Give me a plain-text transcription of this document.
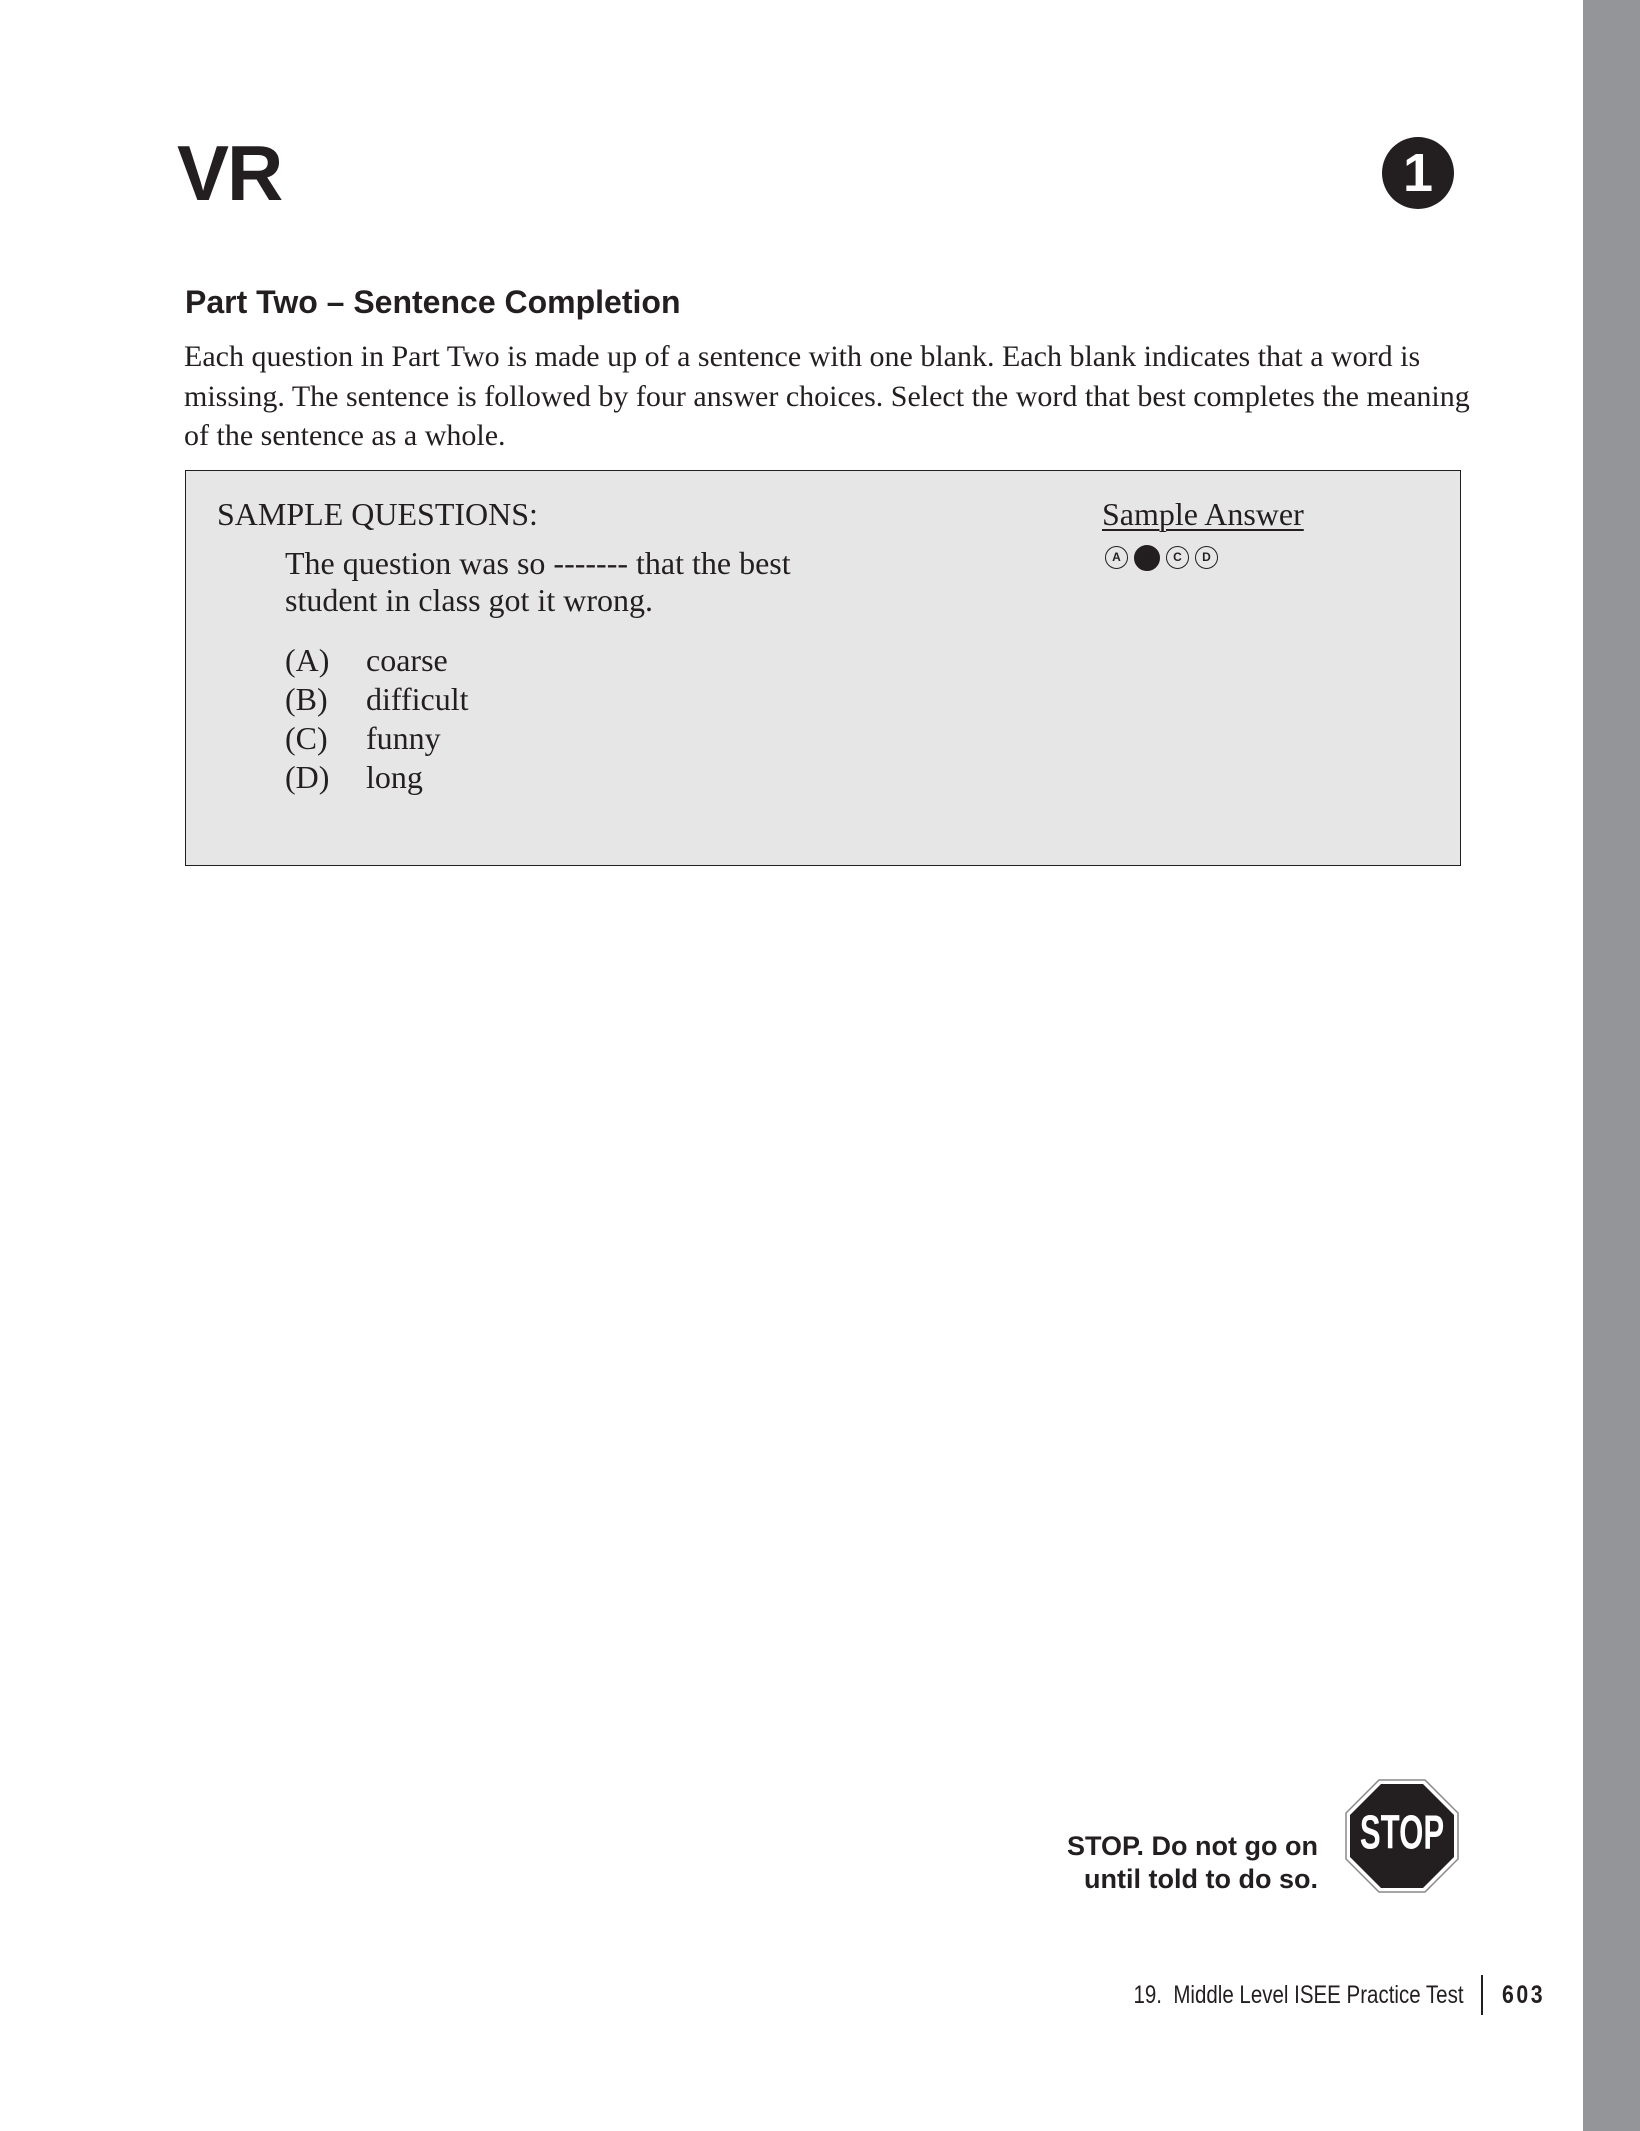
VR	1
Part Two – Sentence Completion
Each question in Part Two is made up of a sentence with one blank. Each blank indicates that a word is missing. The sentence is followed by four answer choices. Select the word that best completes the meaning of the sentence as a whole.
SAMPLE QUESTIONS:
The question was so ------- that the best
student in class got it wrong.
(A) coarse
(B) difficult
(C) funny
(D) long
Sample Answer
A	B	C	D
STOP. Do not go on
until told to do so.
STOP
19.  Middle Level ISEE Practice Test 603
